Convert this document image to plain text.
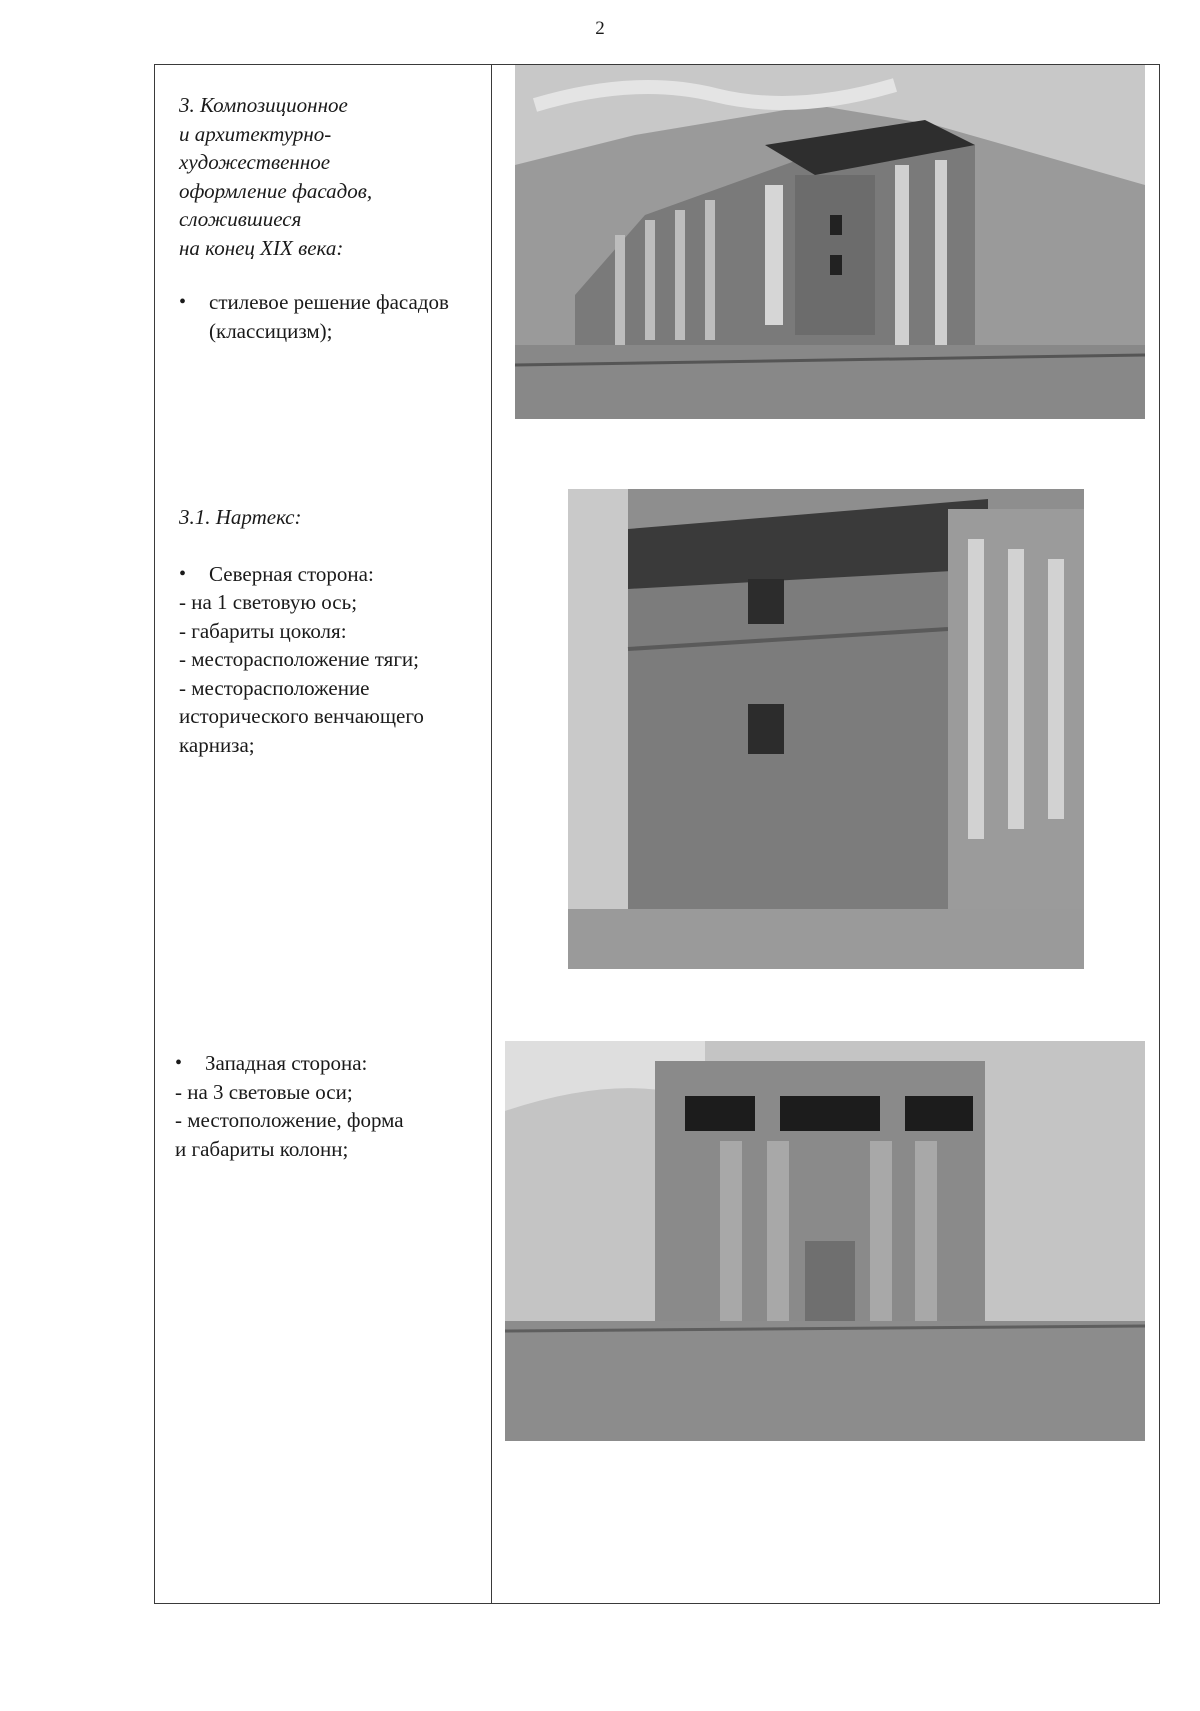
2
3. Композиционное
и архитектурно-
художественное
оформление фасадов,
сложившиеся
на конец XIX века:
•	стилевое решение фасадов (классицизм);
3.1. Нартекс:
•	Северная сторона:
- на 1 световую ось;
- габариты цоколя:
- месторасположение тяги;
- месторасположение
исторического венчающего
карниза;
•	Западная сторона:
- на 3 световые оси;
- местоположение, форма
и габариты колонн;
